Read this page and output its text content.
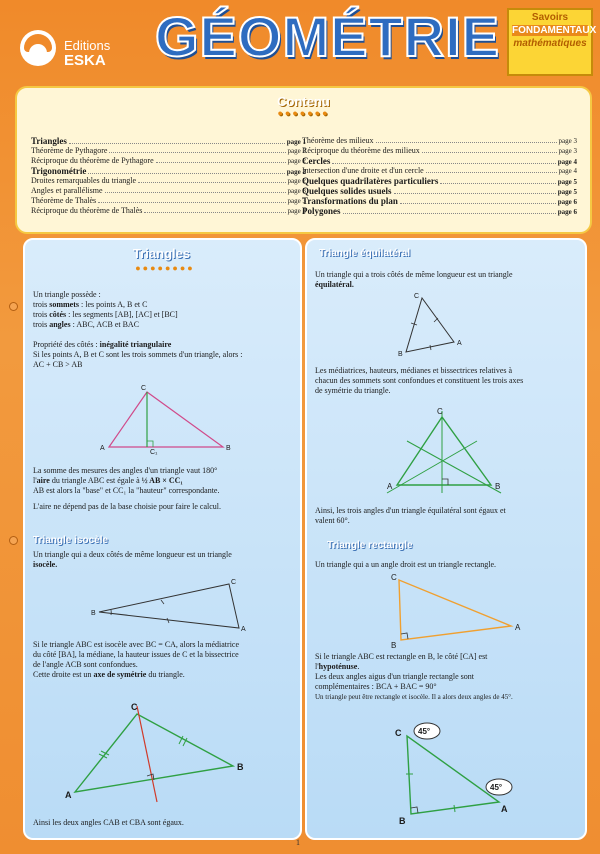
Editions
ESKA GÉOMÉTRIE	Savoirs
FONDAMENTAUX
mathématiques
Contenu
●●●●●●●
Triangles	page 1
Théorème de Pythagore	page 2
Réciproque du théorème de Pythagore	page 2
Trigonométrie	page 2
Droites remarquables du triangle	page 2
Angles et parallélisme	page 3
Théorème de Thalès	page 3
Réciproque du théorème de Thalès	page 3
Théorème des milieux	page 3
Réciproque du théorème des milieux	page 3
Cercles	page 4
Intersection d'une droite et d'un cercle	page 4
Quelques quadrilatères particuliers	page 5
Quelques solides usuels	page 5
Transformations du plan	page 6
Polygones	page 6
Triangles
●●●●●●●●
Un triangle possède :
trois sommets : les points A, B et C
trois côtés : les segments [AB], [AC] et [BC]
trois angles : ABC, ACB et BAC
Propriété des côtés : inégalité triangulaire
Si les points A, B et C sont les trois sommets d'un triangle, alors :
AC + CB > AB
C
A	B
C₁
La somme des mesures des angles d'un triangle vaut 180°
l'aire du triangle ABC est égale à ½ AB × CC₁
AB est alors la "base" et CC₁ la "hauteur" correspondante.
L'aire ne dépend pas de la base choisie pour faire le calcul.
Triangle isocèle
Un triangle qui a deux côtés de même longueur est un triangle
isocèle.
B
C
A
Si le triangle ABC est isocèle avec BC = CA, alors la médiatrice
du côté [BA], la médiane, la hauteur issues de C et la bissectrice
de l'angle ACB sont confondues.
Cette droite est un axe de symétrie du triangle.
C
A
B
Ainsi les deux angles CAB et CBA sont égaux.
Triangle équilatéral
Un triangle qui a trois côtés de même longueur est un triangle
équilatéral.
C
B
A
Les médiatrices, hauteurs, médianes et bissectrices relatives à
chacun des sommets sont confondues et constituent les trois axes
de symétrie du triangle.
C
A	B
Ainsi, les trois angles d'un triangle équilatéral sont égaux et
valent 60°.
Triangle rectangle
Un triangle qui a un angle droit est un triangle rectangle.
C
B
A
Si le triangle ABC est rectangle en B, le côté [CA] est
l'hypoténuse.
Les deux angles aigus d'un triangle rectangle sont
complémentaires : BCA + BAC = 90°
Un triangle peut être rectangle et isocèle. Il a alors deux angles de 45°.
45°
45°
C
B
A
1
